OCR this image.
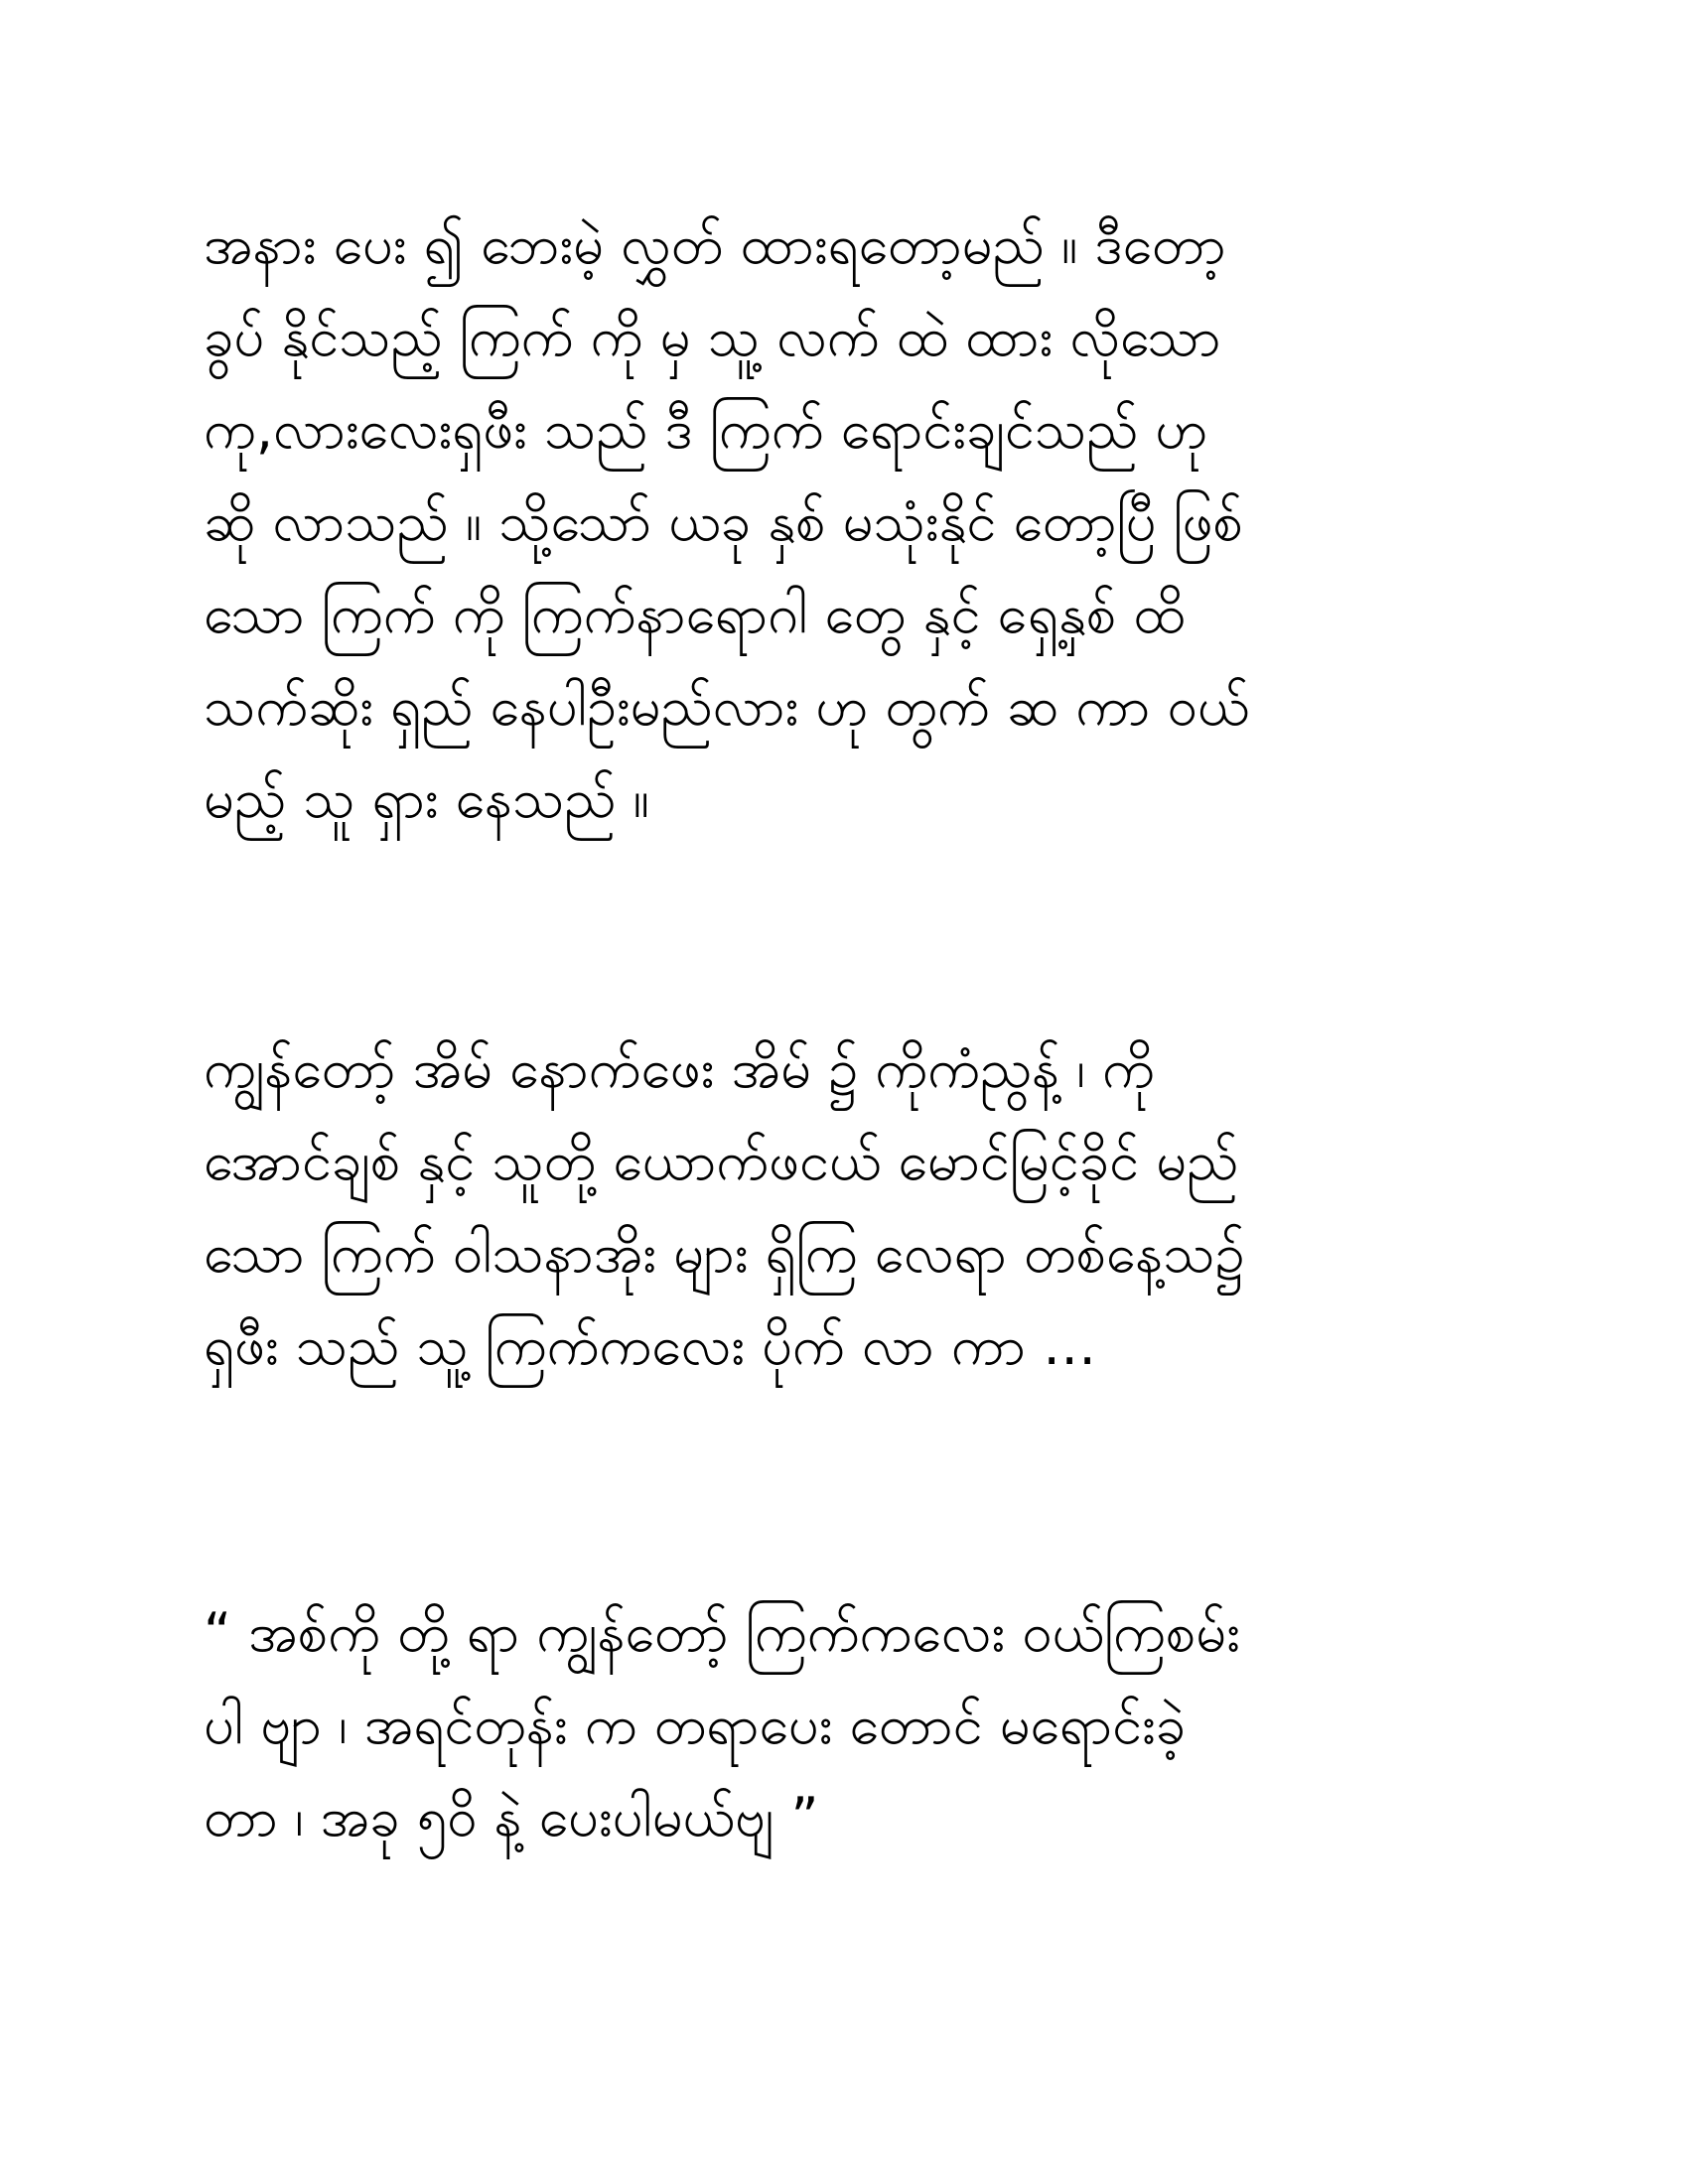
အနား ပေး ၍ ဘေးမဲ့ လွှတ် ထားရတော့မည် ။ ဒီတော့
ခွပ် နိုင်သည့် ကြက် ကို မှ သူ့ လက် ထဲ ထား လိုသော
ကု,လားလေးရှဖီး သည် ဒီ ကြက် ရောင်းချင်သည် ဟု
ဆို လာသည် ။ သို့သော် ယခု နှစ် မသုံးနိုင် တော့ပြီ ဖြစ်
သော ကြက် ကို ကြက်နာရောဂါ တွေ နှင့် ရှေ့နှစ် ထိ
သက်ဆိုး ရှည် နေပါဦးမည်လား ဟု တွက် ဆ ကာ ဝယ်
မည့် သူ ရှား နေသည် ။
ကျွန်တော့် အိမ် နောက်ဖေး အိမ် ၌ ကိုကံညွန့် ၊ ကို
အောင်ချစ် နှင့် သူတို့ ယောက်ဖငယ် မောင်မြင့်ခိုင် မည်
သော ကြက် ဝါသနာအိုး များ ရှိကြ လေရာ တစ်နေ့သ၌
ရှဖီး သည် သူ့ ကြက်ကလေး ပိုက် လာ ကာ …
“ အစ်ကို တို့ ရာ ကျွန်တော့် ကြက်ကလေး ဝယ်ကြစမ်း
ပါ ဗျာ ၊ အရင်တုန်း က တရာပေး တောင် မရောင်းခဲ့
တာ ၊ အခု ၅ဝိ နဲ့ ပေးပါမယ်ဗျ ”
